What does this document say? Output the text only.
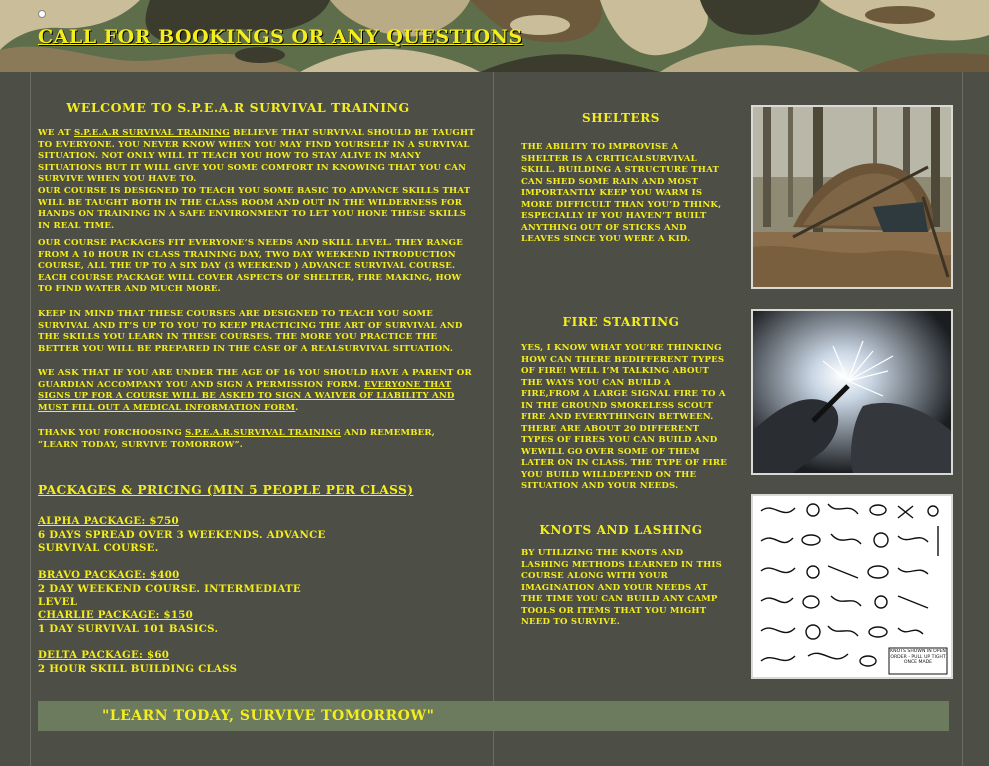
CALL FOR BOOKINGS OR ANY QUESTIONS
WELCOME TO S.P.E.A.R SURVIVAL TRAINING
WE AT S.P.E.A.R SURVIVAL TRAINING BELIEVE THAT SURVIVAL SHOULD BE TAUGHT TO EVERYONE. YOU NEVER KNOW WHEN YOU MAY FIND YOURSELF IN A SURVIVAL SITUATION. NOT ONLY WILL IT TEACH YOU HOW TO STAY ALIVE IN MANY SITUATIONS BUT IT WILL GIVE YOU SOME COMFORT IN KNOWING THAT YOU CAN SURVIVE WHEN YOU HAVE TO.
OUR COURSE IS DESIGNED TO TEACH YOU SOME BASIC TO ADVANCE SKILLS THAT WILL BE TAUGHT BOTH IN THE CLASS ROOM AND OUT IN THE WILDERNESS FOR HANDS ON TRAINING IN A SAFE ENVIRONMENT TO LET YOU HONE THESE SKILLS IN REAL TIME.
OUR COURSE PACKAGES FIT EVERYONE’S NEEDS AND SKILL LEVEL. THEY RANGE FROM A 10 HOUR IN CLASS TRAINING DAY, TWO DAY WEEKEND INTRODUCTION COURSE, ALL THE UP TO A SIX DAY (3 WEEKEND ) ADVANCE SURVIVAL COURSE.
EACH COURSE PACKAGE WILL COVER ASPECTS OF SHELTER, FIRE MAKING, HOW TO FIND WATER AND MUCH MORE.
KEEP IN MIND THAT THESE COURSES ARE DESIGNED TO TEACH YOU SOME SURVIVAL AND IT’S UP TO YOU TO KEEP PRACTICING THE ART OF SURVIVAL AND THE SKILLS YOU LEARN IN THESE COURSES. THE MORE YOU PRACTICE THE BETTER YOU WILL BE PREPARED IN THE CASE OF A REALSURVIVAL SITUATION.
WE ASK THAT IF YOU ARE UNDER THE AGE OF 16 YOU SHOULD HAVE A PARENT OR GUARDIAN ACCOMPANY YOU AND SIGN A PERMISSION FORM. EVERYONE THAT SIGNS UP FOR A COURSE WILL BE ASKED TO SIGN A WAIVER OF LIABILITY AND MUST FILL OUT A MEDICAL INFORMATION FORM.
THANK YOU FORCHOOSING S.P.E.A.R.SURVIVAL TRAINING AND REMEMBER,
“LEARN TODAY, SURVIVE TOMORROW”.
PACKAGES & PRICING (MIN 5 PEOPLE PER CLASS)
ALPHA PACKAGE: $750
6 DAYS SPREAD OVER 3 WEEKENDS. ADVANCE SURVIVAL COURSE.
BRAVO PACKAGE: $400
2 DAY WEEKEND COURSE. INTERMEDIATE LEVEL
CHARLIE PACKAGE: $150
1 DAY SURVIVAL 101 BASICS.
DELTA PACKAGE: $60
2 HOUR SKILL BUILDING CLASS
SHELTERS
THE ABILITY TO IMPROVISE A SHELTER IS A CRITICALSURVIVAL SKILL. BUILDING A STRUCTURE THAT CAN SHED SOME RAIN AND MOST IMPORTANTLY KEEP YOU WARM IS MORE DIFFICULT THAN YOU’D THINK, ESPECIALLY IF YOU HAVEN’T BUILT ANYTHING OUT OF STICKS AND LEAVES SINCE YOU WERE A KID.
FIRE STARTING
YES, I KNOW WHAT YOU’RE THINKING HOW CAN THERE BEDIFFERENT TYPES OF FIRE! WELL I’M TALKING ABOUT THE WAYS YOU CAN BUILD A FIRE,FROM A LARGE SIGNAL FIRE TO A IN THE GROUND SMOKELESS SCOUT FIRE AND EVERYTHINGIN BETWEEN. THERE ARE ABOUT 20 DIFFERENT TYPES OF FIRES YOU CAN BUILD AND WEWILL GO OVER SOME OF THEM LATER ON IN CLASS. THE TYPE OF FIRE YOU BUILD WILLDEPEND ON THE SITUATION AND YOUR NEEDS.
KNOTS AND LASHING
BY UTILIZING THE KNOTS AND LASHING METHODS LEARNED IN THIS COURSE ALONG WITH YOUR IMAGINATION AND YOUR NEEDS AT THE TIME YOU CAN BUILD ANY CAMP TOOLS OR ITEMS THAT YOU MIGHT NEED TO SURVIVE.
KNOTS SHOWN IN OPEN ORDER - PULL UP TIGHT ONCE MADE
"LEARN TODAY, SURVIVE TOMORROW"
